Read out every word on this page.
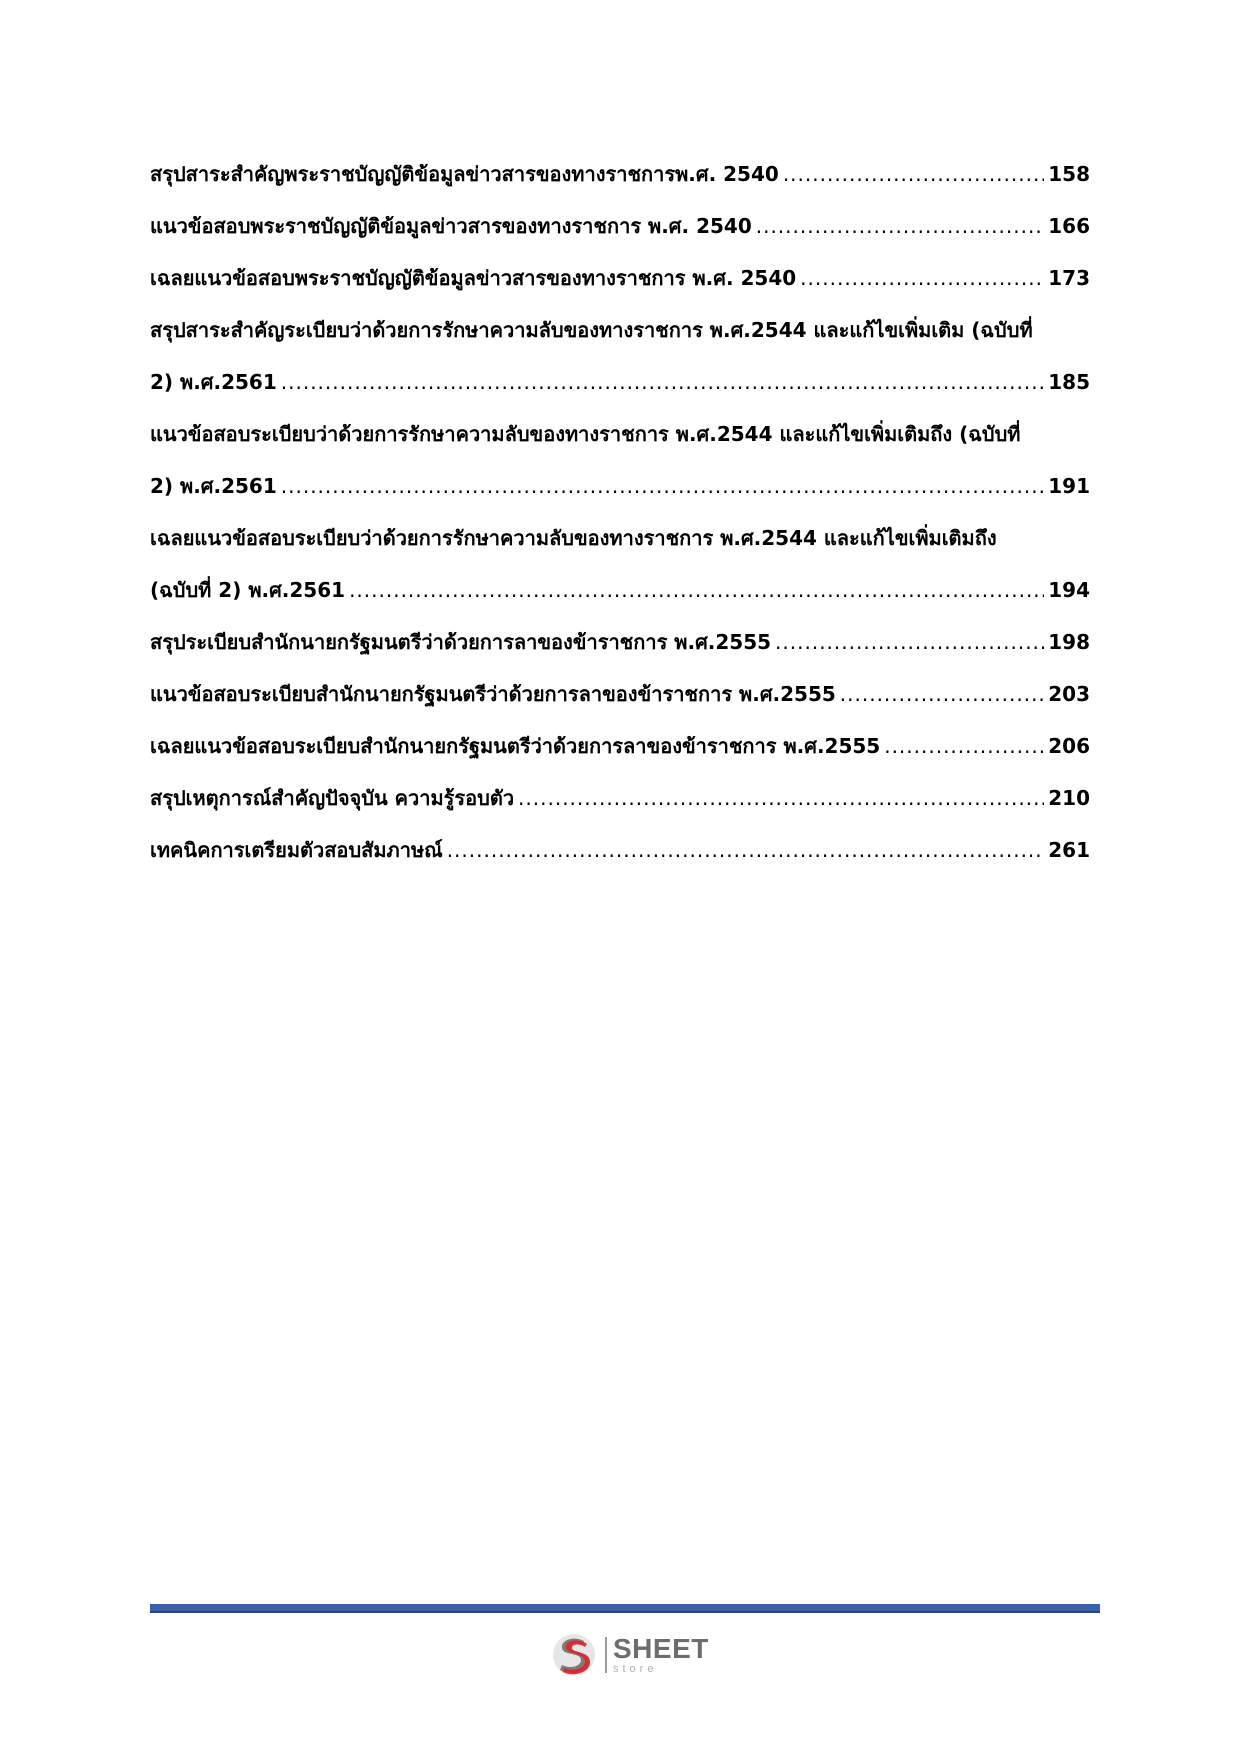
สรุปสาระสำคัญพระราชบัญญัติข้อมูลข่าวสารของทางราชการพ.ศ. 2540 .....	158
แนวข้อสอบพระราชบัญญัติข้อมูลข่าวสารของทางราชการ พ.ศ. 2540 .....	166
เฉลยแนวข้อสอบพระราชบัญญัติข้อมูลข่าวสารของทางราชการ พ.ศ. 2540 .....	173
สรุปสาระสำคัญระเบียบว่าด้วยการรักษาความลับของทางราชการ พ.ศ.2544 และแก้ไขเพิ่มเติม (ฉบับที่
2) พ.ศ.2561 .....	185
แนวข้อสอบระเบียบว่าด้วยการรักษาความลับของทางราชการ พ.ศ.2544 และแก้ไขเพิ่มเติมถึง (ฉบับที่
2) พ.ศ.2561 .....	191
เฉลยแนวข้อสอบระเบียบว่าด้วยการรักษาความลับของทางราชการ พ.ศ.2544 และแก้ไขเพิ่มเติมถึง
(ฉบับที่ 2) พ.ศ.2561 .....	194
สรุประเบียบสำนักนายกรัฐมนตรีว่าด้วยการลาของข้าราชการ พ.ศ.2555 .....	198
แนวข้อสอบระเบียบสำนักนายกรัฐมนตรีว่าด้วยการลาของข้าราชการ พ.ศ.2555 .....	203
เฉลยแนวข้อสอบระเบียบสำนักนายกรัฐมนตรีว่าด้วยการลาของข้าราชการ พ.ศ.2555 .....	206
สรุปเหตุการณ์สำคัญปัจจุบัน ความรู้รอบตัว .....	210
เทคนิคการเตรียมตัวสอบสัมภาษณ์ .....	261
SHEET
store
